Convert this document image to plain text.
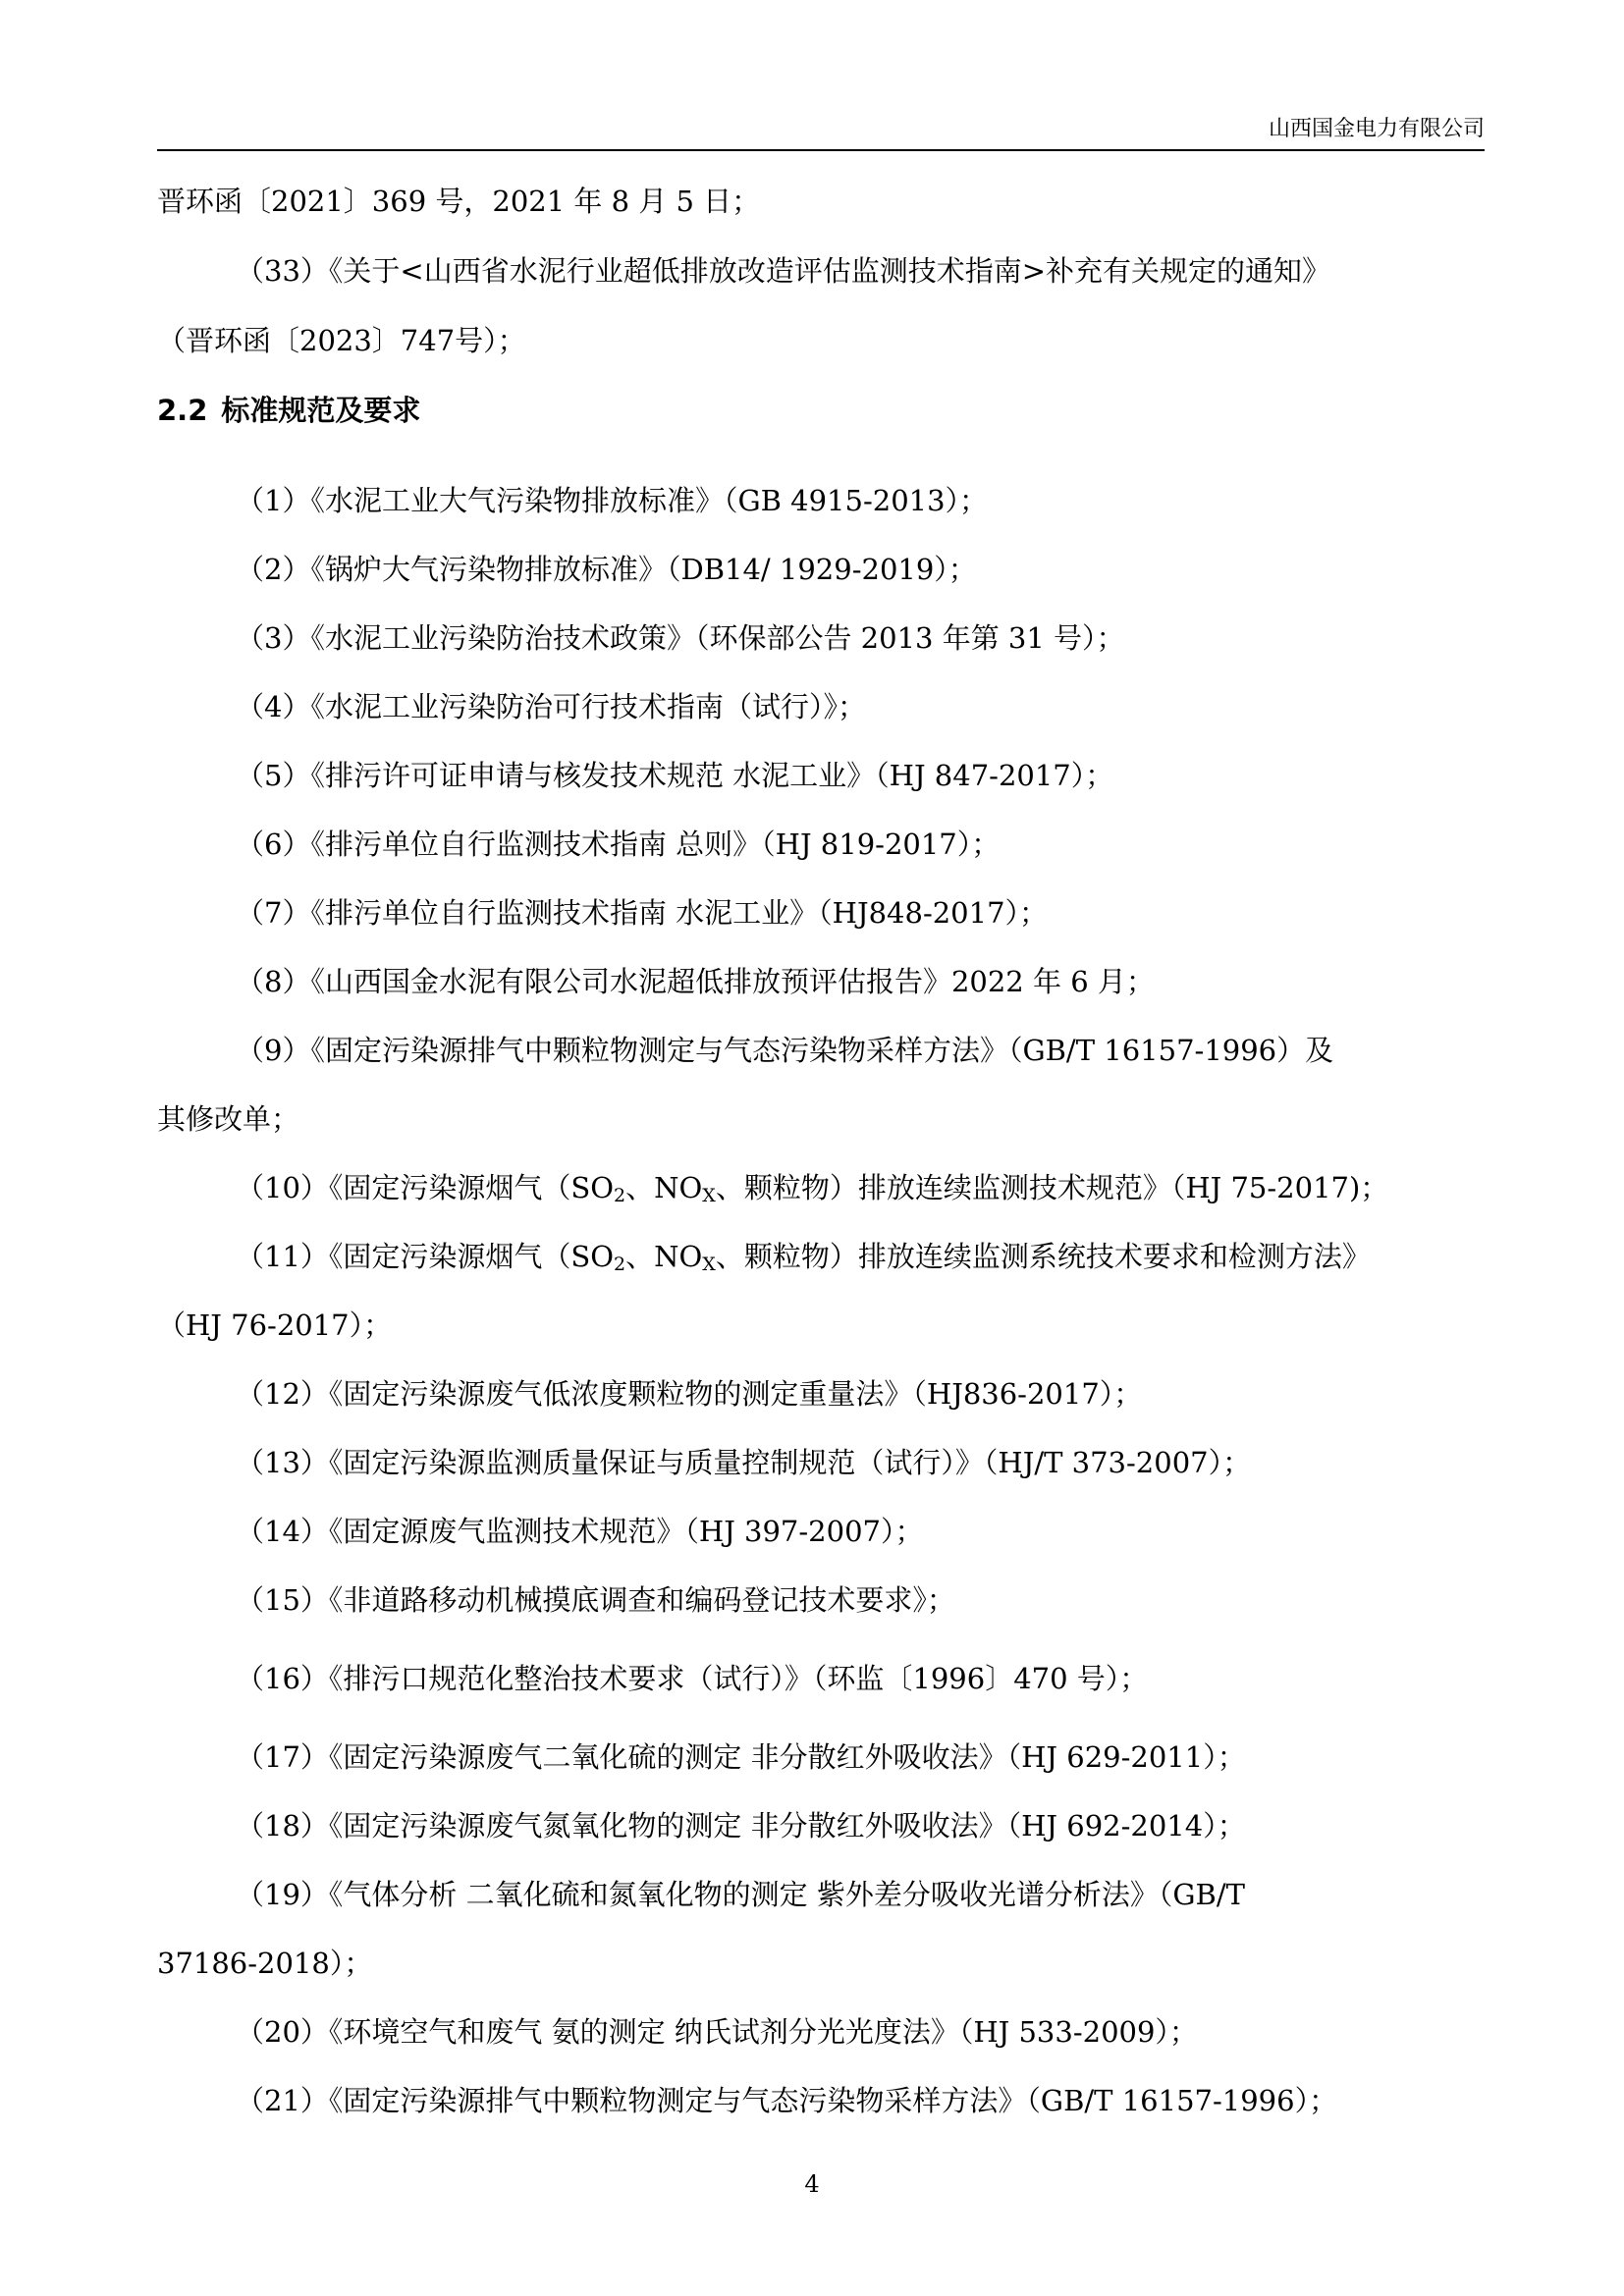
山西国金电力有限公司
晋环函〔2021〕369 号，2021 年 8 月 5 日；
（33）《关于<山西省水泥行业超低排放改造评估监测技术指南>补充有关规定的通知》
（晋环函〔2023〕747号）；
2.2 标准规范及要求
（1）《水泥工业大气污染物排放标准》（GB 4915-2013）；
（2）《锅炉大气污染物排放标准》（DB14/ 1929-2019）；
（3）《水泥工业污染防治技术政策》（环保部公告 2013 年第 31 号）；
（4）《水泥工业污染防治可行技术指南（试行）》；
（5）《排污许可证申请与核发技术规范 水泥工业》（HJ 847-2017）；
（6）《排污单位自行监测技术指南 总则》（HJ 819-2017）；
（7）《排污单位自行监测技术指南 水泥工业》（HJ848-2017）；
（8）《山西国金水泥有限公司水泥超低排放预评估报告》2022 年 6 月；
（9）《固定污染源排气中颗粒物测定与气态污染物采样方法》（GB/T 16157-1996）及
其修改单；
（10）《固定污染源烟气（$SO_2$、$NO_X$、颗粒物）排放连续监测技术规范》（HJ 75-2017)；
（11）《固定污染源烟气（$SO_2$、$NO_X$、颗粒物）排放连续监测系统技术要求和检测方法》
（HJ 76-2017）；
（12）《固定污染源废气低浓度颗粒物的测定重量法》（HJ836-2017）；
（13）《固定污染源监测质量保证与质量控制规范（试行）》（HJ/T 373-2007）；
（14）《固定源废气监测技术规范》（HJ 397-2007）；
（15）《非道路移动机械摸底调查和编码登记技术要求》；
（16）《排污口规范化整治技术要求（试行）》（环监〔1996〕470 号）；
（17）《固定污染源废气二氧化硫的测定 非分散红外吸收法》（HJ 629-2011）；
（18）《固定污染源废气氮氧化物的测定 非分散红外吸收法》（HJ 692-2014）；
（19）《气体分析 二氧化硫和氮氧化物的测定 紫外差分吸收光谱分析法》（GB/T
37186-2018）；
（20）《环境空气和废气 氨的测定 纳氏试剂分光光度法》（HJ 533-2009）；
（21）《固定污染源排气中颗粒物测定与气态污染物采样方法》（GB/T 16157-1996）；
4
